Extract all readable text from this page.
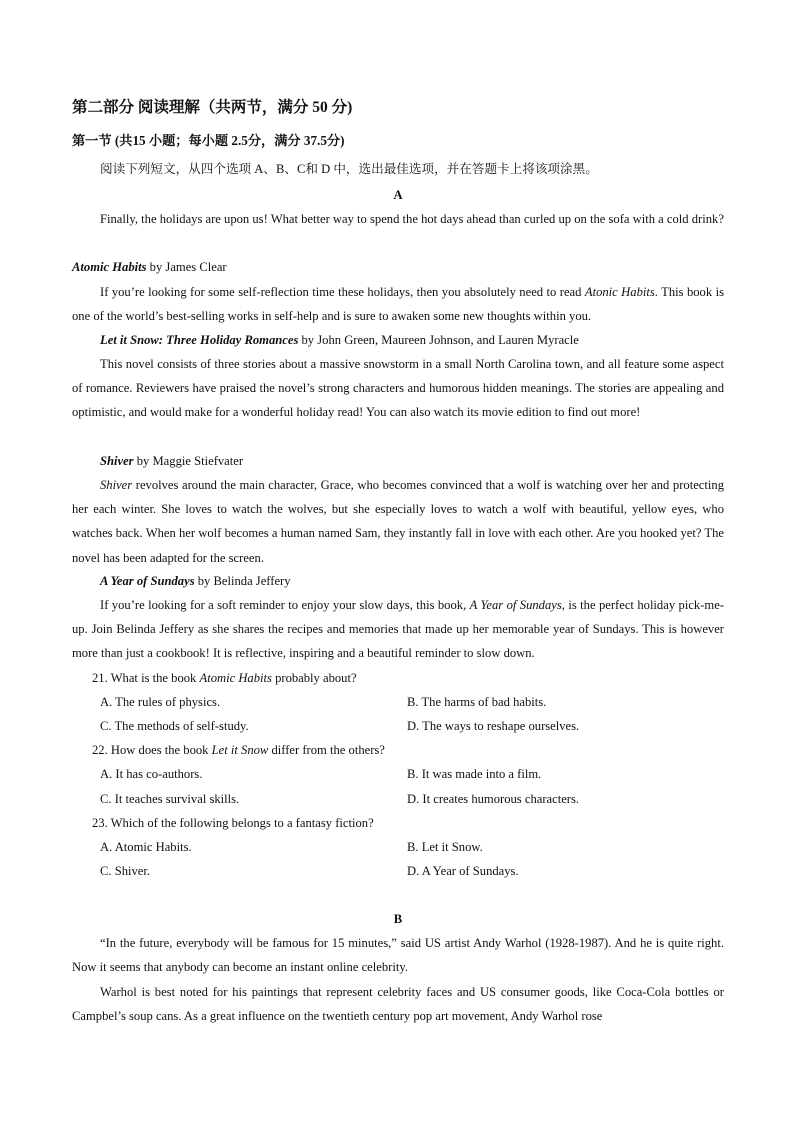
第二部分 阅读理解（共两节，满分 50 分)
第一节 (共15 小题；每小题 2.5分，满分 37.5分)
阅读下列短文，从四个选项 A、B、C和 D 中，选出最佳选项，并在答题卡上将该项涂黑。
A
Finally, the holidays are upon us! What better way to spend the hot days ahead than curled up on the sofa with a cold drink?
Atomic Habits by James Clear
If you’re looking for some self-reflection time these holidays, then you absolutely need to read Atonic Habits. This book is one of the world’s best-selling works in self-help and is sure to awaken some new thoughts within you.
Let it Snow: Three Holiday Romances by John Green, Maureen Johnson, and Lauren Myracle
This novel consists of three stories about a massive snowstorm in a small North Carolina town, and all feature some aspect of romance. Reviewers have praised the novel’s strong characters and humorous hidden meanings. The stories are appealing and optimistic, and would make for a wonderful holiday read! You can also watch its movie edition to find out more!
Shiver by Maggie Stiefvater
Shiver revolves around the main character, Grace, who becomes convinced that a wolf is watching over her and protecting her each winter. She loves to watch the wolves, but she especially loves to watch a wolf with beautiful, yellow eyes, who watches back. When her wolf becomes a human named Sam, they instantly fall in love with each other. Are you hooked yet? The novel has been adapted for the screen.
A Year of Sundays by Belinda Jeffery
If you’re looking for a soft reminder to enjoy your slow days, this book, A Year of Sundays, is the perfect holiday pick-me-up. Join Belinda Jeffery as she shares the recipes and memories that made up her memorable year of Sundays. This is however more than just a cookbook! It is reflective, inspiring and a beautiful reminder to slow down.
21. What is the book Atomic Habits probably about?
A. The rules of physics.	B. The harms of bad habits.
C. The methods of self-study.	D. The ways to reshape ourselves.
22. How does the book Let it Snow differ from the others?
A. It has co-authors.	B. It was made into a film.
C. It teaches survival skills.	D. It creates humorous characters.
23. Which of the following belongs to a fantasy fiction?
A. Atomic Habits.	B. Let it Snow.
C. Shiver.	D. A Year of Sundays.
B
“In the future, everybody will be famous for 15 minutes,” said US artist Andy Warhol (1928-1987). And he is quite right. Now it seems that anybody can become an instant online celebrity.
Warhol is best noted for his paintings that represent celebrity faces and US consumer goods, like Coca-Cola bottles or Campbel’s soup cans. As a great influence on the twentieth century pop art movement, Andy Warhol rose
